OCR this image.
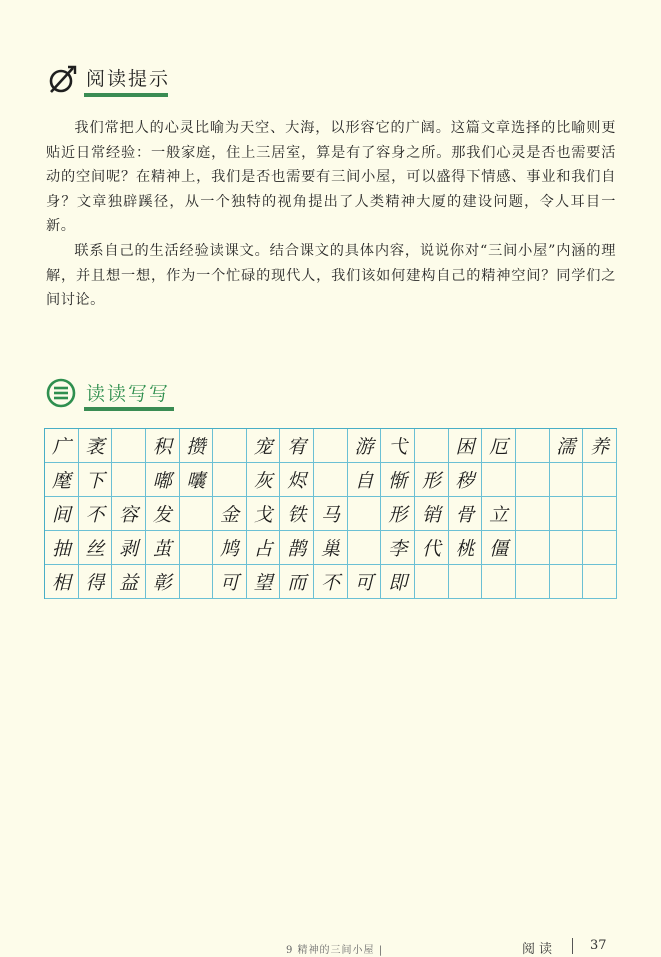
阅读提示

我们常把人的心灵比喻为天空、大海，以形容它的广阔。这篇文章选择的比喻则更贴近日常经验：一般家庭，住上三居室，算是有了容身之所。那我们心灵是否也需要活动的空间呢？在精神上，我们是否也需要有三间小屋，可以盛得下情感、事业和我们自身？文章独辟蹊径，从一个独特的视角提出了人类精神大厦的建设问题，令人耳目一新。

联系自己的生活经验读课文。结合课文的具体内容，说说你对“三间小屋”内涵的理解，并且想一想，作为一个忙碌的现代人，我们该如何建构自己的精神空间？同学们之间讨论。

读读写写
广 袤	积 攒	宠 宥	游 弋	困 厄	濡 养
麾 下	嘟 囔	灰 烬	自 惭 形 秽
间 不 容 发	金 戈 铁 马	形 销 骨 立
抽 丝 剥 茧	鸠 占 鹊 巢	李 代 桃 僵
相 得 益 彰	可 望 而 不 可 即
9 精神的三间小屋 |	阅读	37
